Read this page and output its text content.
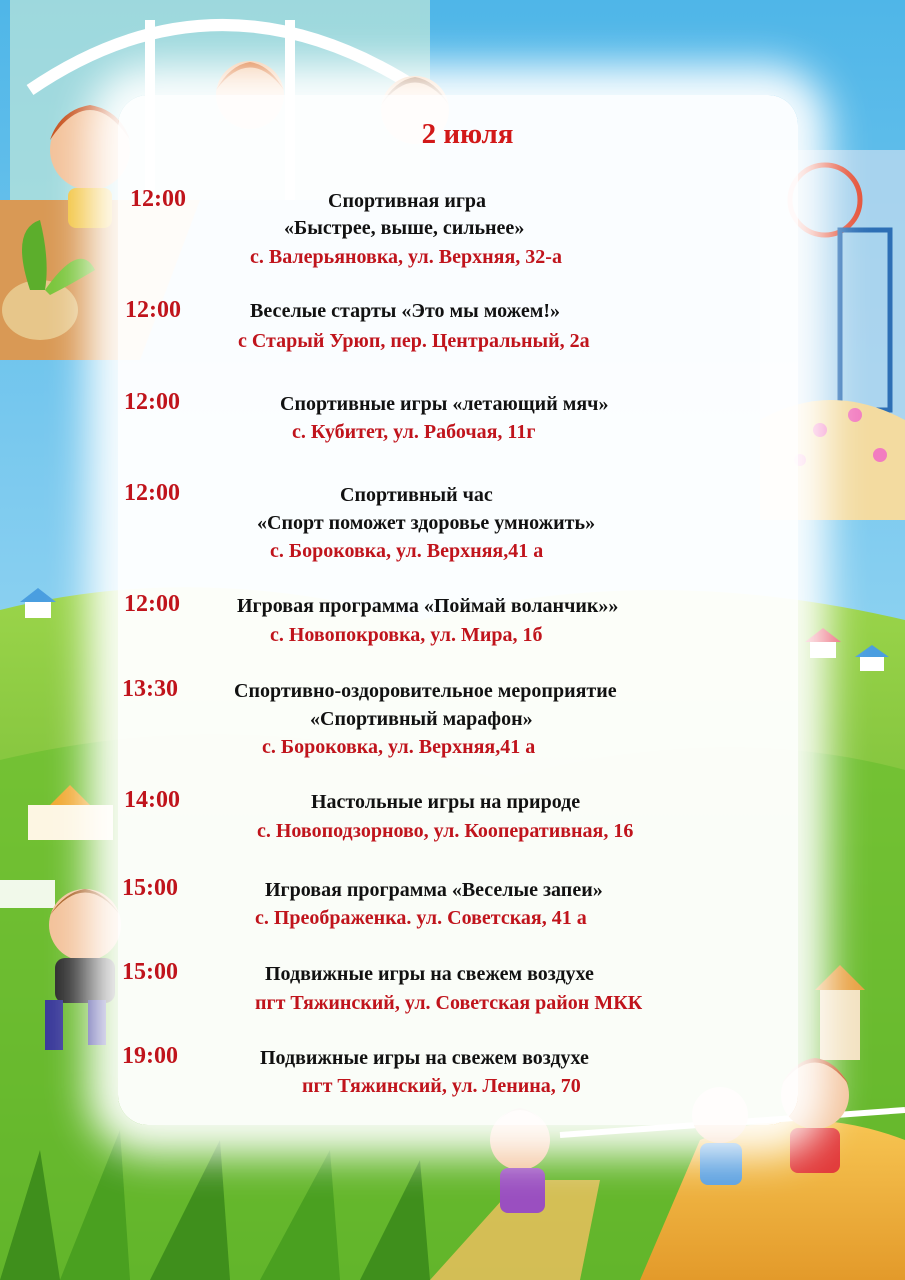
2 июля
12:00	Спортивная игра
«Быстрее, выше, сильнее»
с. Валерьяновка, ул. Верхняя, 32-а
12:00	Веселые старты «Это мы можем!»
с Старый Урюп, пер. Центральный, 2а
12:00	Спортивные игры «летающий мяч»
с. Кубитет, ул. Рабочая, 11г
12:00	Спортивный час
«Спорт поможет здоровье умножить»
с. Бороковка, ул. Верхняя,41 а
12:00	Игровая программа «Поймай воланчик»»
с. Новопокровка, ул. Мира, 1б
13:30	Спортивно-оздоровительное мероприятие
«Спортивный марафон»
с. Бороковка, ул. Верхняя,41 а
14:00	Настольные игры на природе
с. Новоподзорново, ул. Кооперативная, 16
15:00	Игровая программа «Веселые запеи»
с. Преображенка. ул. Советская, 41 а
15:00	Подвижные игры на свежем воздухе
пгт Тяжинский, ул. Советская район МКК
19:00	Подвижные игры на свежем воздухе
пгт Тяжинский, ул. Ленина, 70
